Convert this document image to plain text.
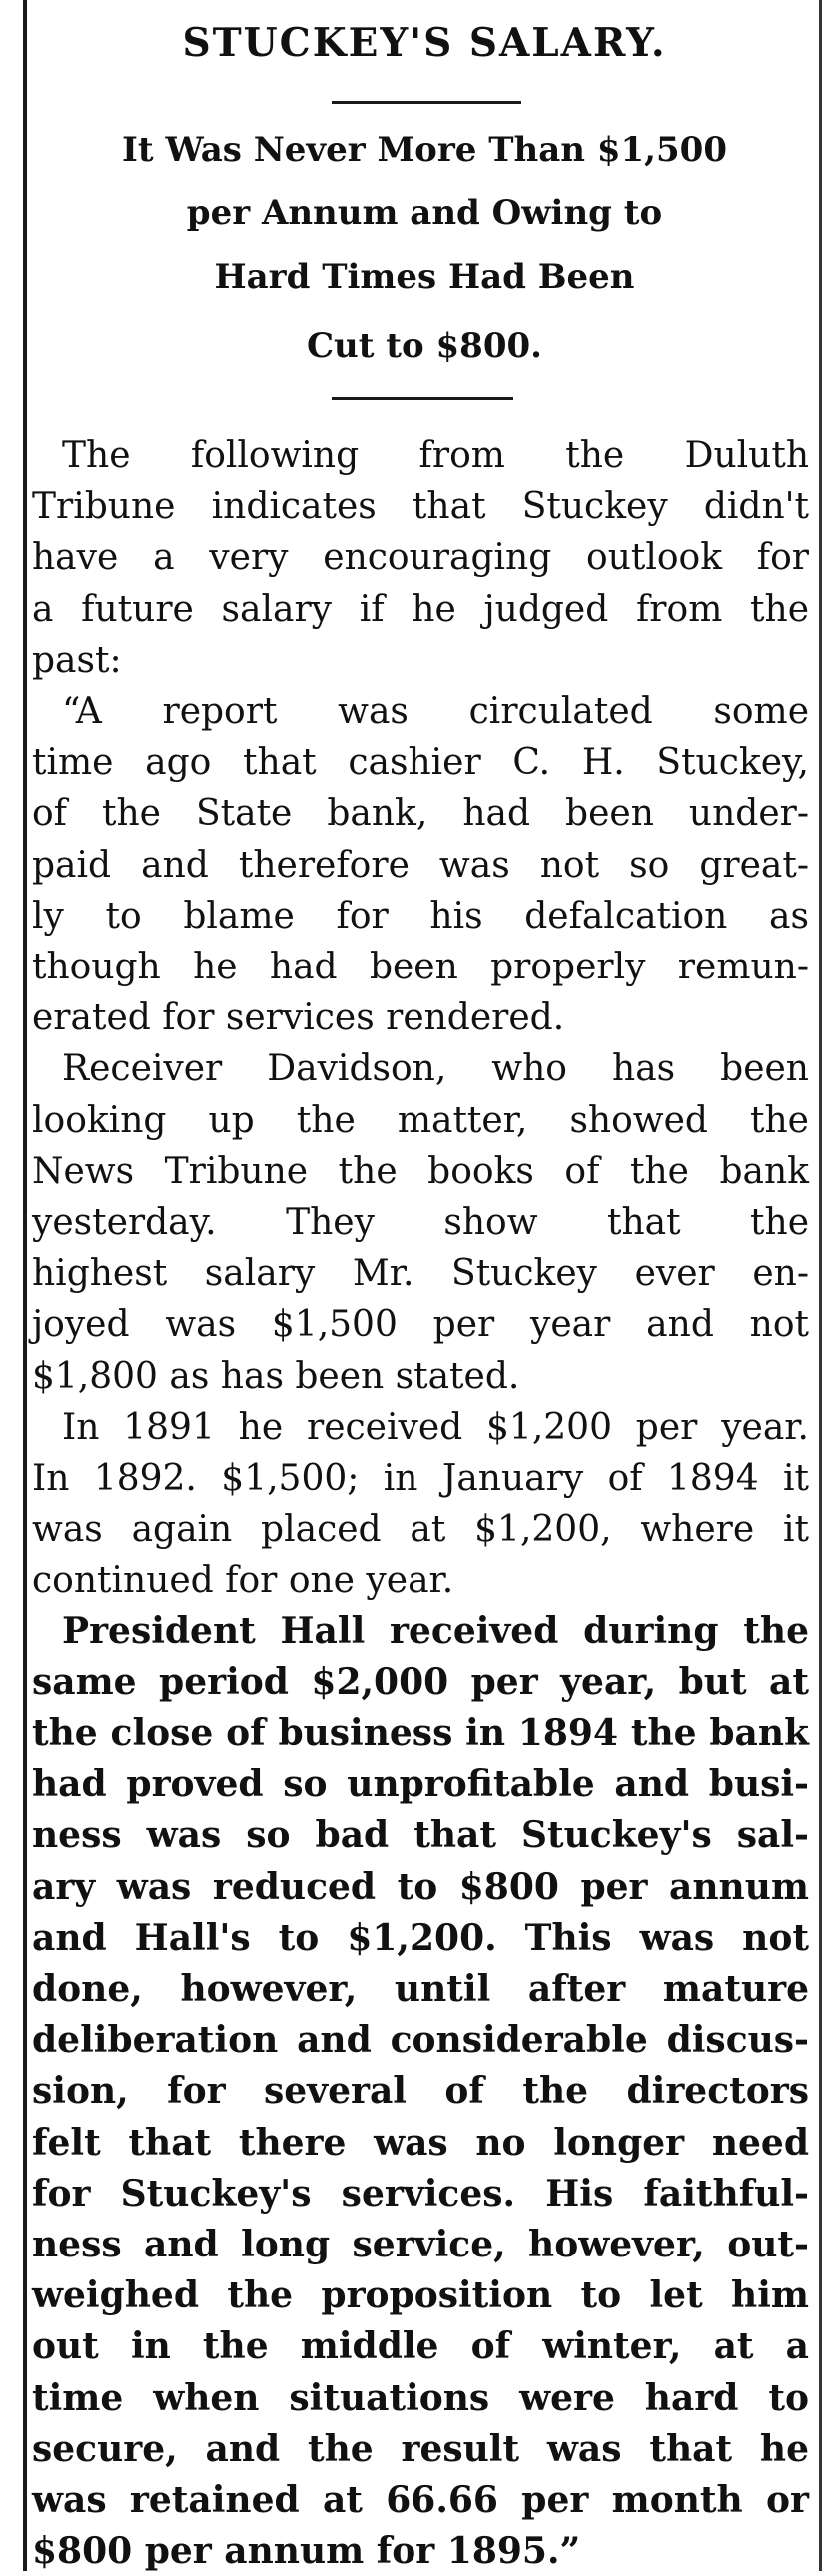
STUCKEY'S SALARY.
It Was Never More Than $1,500
per Annum and Owing to
Hard Times Had Been
Cut to $800.
The following from the Duluth
Tribune indicates that Stuckey didn't
have a very encouraging outlook for
a future salary if he judged from the
past:
“A report was circulated some
time ago that cashier C. H. Stuckey,
of the State bank, had been under-
paid and therefore was not so great-
ly to blame for his defalcation as
though he had been properly remun-
erated for services rendered.
Receiver Davidson, who has been
looking up the matter, showed the
News Tribune the books of the bank
yesterday. They show that the
highest salary Mr. Stuckey ever en-
joyed was $1,500 per year and not
$1,800 as has been stated.
In 1891 he received $1,200 per year.
In 1892. $1,500; in January of 1894 it
was again placed at $1,200, where it
continued for one year.
President Hall received during the
same period $2,000 per year, but at
the close of business in 1894 the bank
had proved so unprofitable and busi-
ness was so bad that Stuckey's sal-
ary was reduced to $800 per annum
and Hall's to $1,200. This was not
done, however, until after mature
deliberation and considerable discus-
sion, for several of the directors
felt that there was no longer need
for Stuckey's services. His faithful-
ness and long service, however, out-
weighed the proposition to let him
out in the middle of winter, at a
time when situations were hard to
secure, and the result was that he
was retained at 66.66 per month or
$800 per annum for 1895.”
